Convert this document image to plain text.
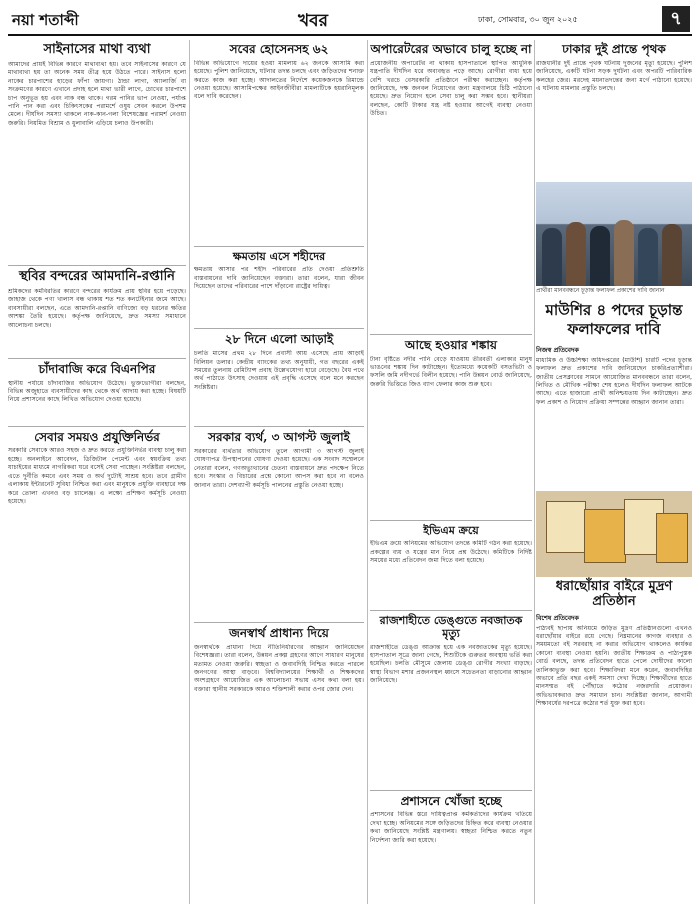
নয়া শতাব্দী	খবর	ঢাকা, সোমবার, ৩০ জুন ২০২৫	৭
সাইনাসের মাথা ব্যথা

আমাদের প্রায়ই বিভিন্ন কারণে মাথাব্যথা হয়। তবে সাইনাসের কারণে যে মাথাব্যথা হয় তা অনেক সময় তীব্র হয়ে উঠতে পারে। সাইনাস হলো নাকের চারপাশের হাড়ের ফাঁপা জায়গা। ঠান্ডা লাগা, অ্যালার্জি বা সংক্রমণের কারণে এখানে প্রদাহ হলে মাথা ভারী লাগে, চোখের চারপাশে চাপ অনুভূত হয় এবং নাক বন্ধ থাকে। গরম পানির ভাপ নেওয়া, পর্যাপ্ত পানি পান করা এবং চিকিৎসকের পরামর্শে ওষুধ সেবন করলে উপশম মেলে। দীর্ঘদিন সমস্যা থাকলে নাক-কান-গলা বিশেষজ্ঞের পরামর্শ নেওয়া জরুরি। নিয়মিত বিশ্রাম ও ধুলাবালি এড়িয়ে চলাও উপকারী।

স্থবির বন্দরের আমদানি-রপ্তানি

শ্রমিকদের কর্মবিরতির কারণে বন্দরের কার্যক্রম প্রায় স্থবির হয়ে পড়েছে। জাহাজ থেকে পণ্য খালাস বন্ধ থাকায় শত শত কনটেইনার জমে আছে। ব্যবসায়ীরা বলছেন, এতে আমদানি-রপ্তানি বাণিজ্যে বড় ধরনের ক্ষতির আশঙ্কা তৈরি হয়েছে। কর্তৃপক্ষ জানিয়েছে, দ্রুত সমস্যা সমাধানে আলোচনা চলছে।

চাঁদাবাজি করে বিএনপির

স্থানীয় পর্যায়ে চাঁদাবাজির অভিযোগ উঠেছে। ভুক্তভোগীরা বলছেন, বিভিন্ন অজুহাতে ব্যবসায়ীদের কাছ থেকে অর্থ আদায় করা হচ্ছে। বিষয়টি নিয়ে প্রশাসনের কাছে লিখিত অভিযোগ দেওয়া হয়েছে।

সেবার সময়ও প্রযুক্তিনির্ভর

সরকারি সেবাকে আরও সহজ ও দ্রুত করতে প্রযুক্তিনির্ভর ব্যবস্থা চালু করা হচ্ছে। অনলাইনে আবেদন, ডিজিটাল পেমেন্ট এবং স্বয়ংক্রিয় তথ্য যাচাইয়ের মাধ্যমে নাগরিকরা ঘরে বসেই সেবা পাচ্ছেন। সংশ্লিষ্টরা বলছেন, এতে দুর্নীতি কমবে এবং সময় ও অর্থ দুটোই সাশ্রয় হবে। তবে গ্রামীণ এলাকায় ইন্টারনেট সুবিধা নিশ্চিত করা এবং মানুষকে প্রযুক্তি ব্যবহারে দক্ষ করে তোলা এখনও বড় চ্যালেঞ্জ। এ লক্ষ্যে প্রশিক্ষণ কর্মসূচি নেওয়া হয়েছে।

সবের হোসেনসহ ৬২

বিভিন্ন অভিযোগে দায়ের হওয়া মামলায় ৬২ জনকে আসামি করা হয়েছে। পুলিশ জানিয়েছে, ঘটনার তদন্ত চলছে এবং জড়িতদের শনাক্ত করতে কাজ করা হচ্ছে। আদালতের নির্দেশে কয়েকজনকে রিমান্ডে নেওয়া হয়েছে। আসামিপক্ষের আইনজীবীরা মামলাটিকে হয়রানিমূলক বলে দাবি করেছেন।

ক্ষমতায় এসে শহীদের

ক্ষমতায় আসার পর শহীদ পরিবারের প্রতি দেওয়া প্রতিশ্রুতি বাস্তবায়নের দাবি জানিয়েছেন বক্তারা। তারা বলেন, যারা জীবন দিয়েছেন তাদের পরিবারের পাশে দাঁড়ানো রাষ্ট্রের দায়িত্ব।

২৮ দিনে এলো আড়াই

চলতি মাসের প্রথম ২৮ দিনে প্রবাসী আয় এসেছে প্রায় আড়াই বিলিয়ন ডলার। কেন্দ্রীয় ব্যাংকের তথ্য অনুযায়ী, গত বছরের একই সময়ের তুলনায় রেমিট্যান্স প্রবাহ উল্লেখযোগ্য হারে বেড়েছে। বৈধ পথে অর্থ পাঠাতে উৎসাহ দেওয়ায় এই প্রবৃদ্ধি এসেছে বলে মনে করছেন সংশ্লিষ্টরা।

সরকার ব্যর্থ, ৩ আগস্ট জুলাই

সরকারের ব্যর্থতার অভিযোগ তুলে আগামী ৩ আগস্ট জুলাই ঘোষণাপত্র উপস্থাপনের ঘোষণা দেওয়া হয়েছে। এক সংবাদ সম্মেলনে নেতারা বলেন, গণঅভ্যুত্থানের চেতনা বাস্তবায়নে দ্রুত পদক্ষেপ নিতে হবে। সংস্কার ও বিচারের প্রশ্নে কোনো আপস করা হবে না বলেও জানান তারা। দেশব্যাপী কর্মসূচি পালনের প্রস্তুতি নেওয়া হচ্ছে।

জনস্বার্থ প্রাধান্য দিয়ে

জনস্বার্থকে প্রাধান্য দিয়ে নীতিনির্ধারণের আহ্বান জানিয়েছেন বিশেষজ্ঞরা। তারা বলেন, উন্নয়ন প্রকল্প গ্রহণের আগে সাধারণ মানুষের মতামত নেওয়া জরুরি। স্বচ্ছতা ও জবাবদিহি নিশ্চিত করতে পারলে জনগণের আস্থা বাড়বে। বিশ্ববিদ্যালয়ের শিক্ষার্থী ও শিক্ষকদের অংশগ্রহণে আয়োজিত এক আলোচনা সভায় এসব কথা বলা হয়। বক্তারা স্থানীয় সরকারকে আরও শক্তিশালী করার ওপর জোর দেন।

অপারেটরের অভাবে চালু হচ্ছে না

প্রয়োজনীয় অপারেটর না থাকায় হাসপাতালে স্থাপিত আধুনিক যন্ত্রপাতি দীর্ঘদিন ধরে অব্যবহৃত পড়ে আছে। রোগীরা বাধ্য হয়ে বেশি খরচে বেসরকারি প্রতিষ্ঠানে পরীক্ষা করাচ্ছেন। কর্তৃপক্ষ জানিয়েছে, দক্ষ জনবল নিয়োগের জন্য মন্ত্রণালয়ে চিঠি পাঠানো হয়েছে। দ্রুত নিয়োগ হলে সেবা চালু করা সম্ভব হবে। স্থানীয়রা বলছেন, কোটি টাকার যন্ত্র নষ্ট হওয়ার আগেই ব্যবস্থা নেওয়া উচিত।

আছে হওয়ার শঙ্কায়

টানা বৃষ্টিতে নদীর পানি বেড়ে যাওয়ায় তীরবর্তী এলাকার মানুষ ভাঙনের শঙ্কায় দিন কাটাচ্ছেন। ইতোমধ্যে কয়েকটি বসতভিটা ও ফসলি জমি নদীগর্ভে বিলীন হয়েছে। পানি উন্নয়ন বোর্ড জানিয়েছে, জরুরি ভিত্তিতে জিও ব্যাগ ফেলার কাজ শুরু হবে।

ইভিএম ক্রয়ে

ইভিএম ক্রয়ে অনিয়মের অভিযোগ তদন্তে কমিটি গঠন করা হয়েছে। প্রকল্পের ব্যয় ও যন্ত্রের মান নিয়ে প্রশ্ন উঠেছে। কমিটিকে নির্দিষ্ট সময়ের মধ্যে প্রতিবেদন জমা দিতে বলা হয়েছে।

রাজশাহীতে ডেঙ্গুতে নবজাতক মৃত্যু

রাজশাহীতে ডেঙ্গু আক্রান্ত হয়ে এক নবজাতকের মৃত্যু হয়েছে। হাসপাতাল সূত্রে জানা গেছে, শিশুটিকে গুরুতর অবস্থায় ভর্তি করা হয়েছিল। চলতি মৌসুমে জেলায় ডেঙ্গু রোগীর সংখ্যা বাড়ছে। স্বাস্থ্য বিভাগ মশার প্রজননস্থল ধ্বংসে সচেতনতা বাড়ানোর আহ্বান জানিয়েছে।

প্রশাসনে খোঁজা হচ্ছে

প্রশাসনের বিভিন্ন স্তরে দায়িত্বপ্রাপ্ত কর্মকর্তাদের কার্যক্রম খতিয়ে দেখা হচ্ছে। অনিয়মের সঙ্গে জড়িতদের চিহ্নিত করে ব্যবস্থা নেওয়ার কথা জানিয়েছে সংশ্লিষ্ট মন্ত্রণালয়। স্বচ্ছতা নিশ্চিত করতে নতুন নির্দেশনা জারি করা হয়েছে।

ঢাকার দুই প্রান্তে পৃথক

রাজধানীর দুই প্রান্তে পৃথক ঘটনায় দুজনের মৃত্যু হয়েছে। পুলিশ জানিয়েছে, একটি ঘটনা সড়ক দুর্ঘটনা এবং অপরটি পারিবারিক কলহের জের। মরদেহ ময়নাতদন্তের জন্য মর্গে পাঠানো হয়েছে। এ ঘটনায় মামলার প্রস্তুতি চলছে।

প্রার্থীরা মানববন্ধনে চূড়ান্ত ফলাফল প্রকাশের দাবি জানান

মাউশির ৪ পদের চূড়ান্ত ফলাফলের দাবি

নিজস্ব প্রতিবেদক

মাধ্যমিক ও উচ্চশিক্ষা অধিদপ্তরের (মাউশি) চারটি পদের চূড়ান্ত ফলাফল দ্রুত প্রকাশের দাবি জানিয়েছেন চাকরিপ্রত্যাশীরা। জাতীয় প্রেসক্লাবের সামনে আয়োজিত মানববন্ধনে তারা বলেন, লিখিত ও মৌখিক পরীক্ষা শেষ হলেও দীর্ঘদিন ফলাফল আটকে আছে। এতে হাজারো প্রার্থী অনিশ্চয়তায় দিন কাটাচ্ছেন। দ্রুত ফল প্রকাশ ও নিয়োগ প্রক্রিয়া সম্পন্নের আহ্বান জানান তারা।

ধরাছোঁয়ার বাইরে মুদ্রণ প্রতিষ্ঠান

বিশেষ প্রতিবেদক

পাঠ্যবই ছাপায় অনিয়মে জড়িত মুদ্রণ প্রতিষ্ঠানগুলো এখনও ধরাছোঁয়ার বাইরে রয়ে গেছে। নিম্নমানের কাগজ ব্যবহার ও সময়মতো বই সরবরাহ না করার অভিযোগ থাকলেও কার্যকর কোনো ব্যবস্থা নেওয়া হয়নি। জাতীয় শিক্ষাক্রম ও পাঠ্যপুস্তক বোর্ড বলছে, তদন্ত প্রতিবেদন হাতে পেলে দোষীদের কালো তালিকাভুক্ত করা হবে। শিক্ষাবিদরা মনে করেন, জবাবদিহির অভাবে প্রতি বছর একই সমস্যা দেখা দিচ্ছে। শিক্ষার্থীদের হাতে মানসম্মত বই পৌঁছাতে কঠোর নজরদারি প্রয়োজন। অভিভাবকরাও দ্রুত সমাধান চান। সংশ্লিষ্টরা জানান, আগামী শিক্ষাবর্ষের দরপত্রে কঠোর শর্ত যুক্ত করা হবে।
